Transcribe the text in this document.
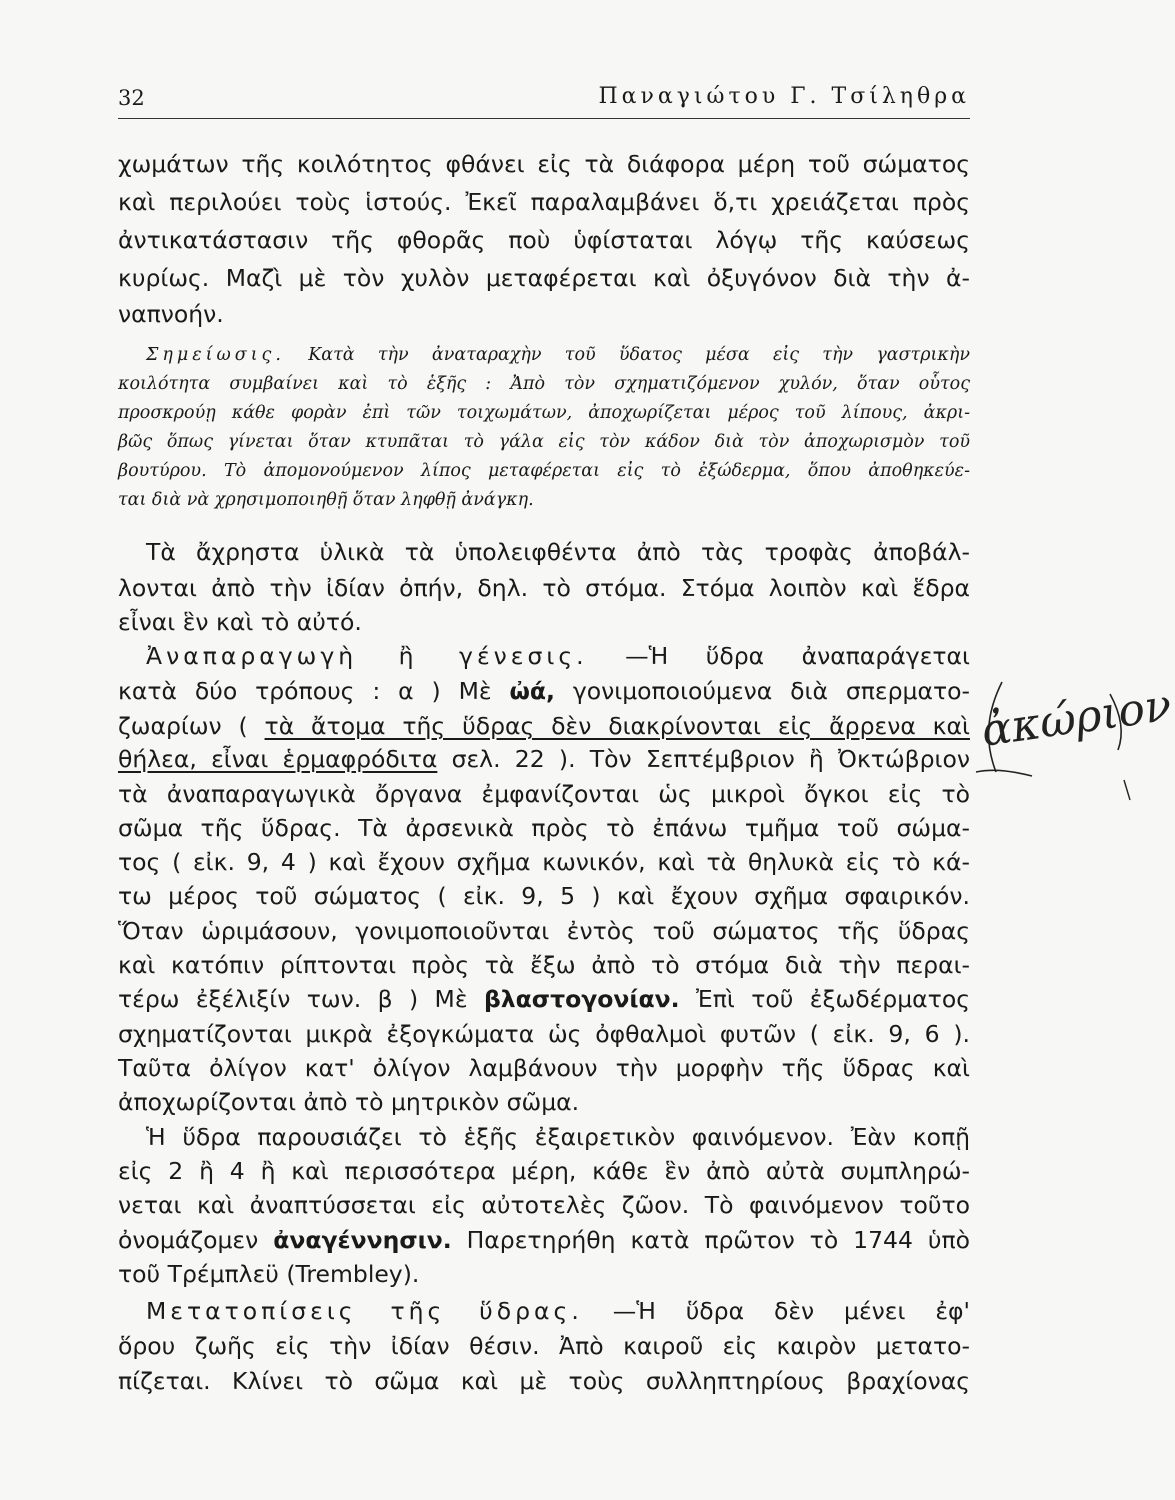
32	Παναγιώτου Γ. Τσίληθρα
χωμάτων τῆς κοιλότητος φθάνει εἰς τὰ διάφορα μέρη τοῦ σώματος
καὶ περιλούει τοὺς ἱστούς. Ἐκεῖ παραλαμβάνει ὅ,τι χρειάζεται πρὸς
ἀντικατάστασιν τῆς φθορᾶς ποὺ ὑφίσταται λόγῳ τῆς καύσεως
κυρίως. Μαζὶ μὲ τὸν χυλὸν μεταφέρεται καὶ ὀξυγόνον διὰ τὴν ἀ-
ναπνοήν.
Σημείωσις. Κατὰ τὴν ἀναταραχὴν τοῦ ὕδατος μέσα εἰς τὴν γαστρικὴν
κοιλότητα συμβαίνει καὶ τὸ ἑξῆς : Ἀπὸ τὸν σχηματιζόμενον χυλόν, ὅταν οὗτος
προσκρούῃ κάθε φορὰν ἐπὶ τῶν τοιχωμάτων, ἀποχωρίζεται μέρος τοῦ λίπους, ἀκρι-
βῶς ὅπως γίνεται ὅταν κτυπᾶται τὸ γάλα εἰς τὸν κάδον διὰ τὸν ἀποχωρισμὸν τοῦ
βουτύρου. Τὸ ἀπομονούμενον λίπος μεταφέρεται εἰς τὸ ἐξώδερμα, ὅπου ἀποθηκεύε-
ται διὰ νὰ χρησιμοποιηθῇ ὅταν ληφθῇ ἀνάγκη.
Τὰ ἄχρηστα ὑλικὰ τὰ ὑπολειφθέντα ἀπὸ τὰς τροφὰς ἀποβάλ-
λονται ἀπὸ τὴν ἰδίαν ὀπήν, δηλ. τὸ στόμα. Στόμα λοιπὸν καὶ ἕδρα
εἶναι ἓν καὶ τὸ αὐτό.
Ἀναπαραγωγὴ ἢ γένεσις. —Ἡ ὕδρα ἀναπαράγεται
κατὰ δύο τρόπους : α ) Μὲ ὠά, γονιμοποιούμενα διὰ σπερματο-
ζωαρίων ( τὰ ἄτομα τῆς ὕδρας δὲν διακρίνονται εἰς ἄρρενα καὶ
θήλεα, εἶναι ἑρμαφρόδιτα σελ. 22 ). Τὸν Σεπτέμβριον ἢ Ὀκτώβριον
τὰ ἀναπαραγωγικὰ ὄργανα ἐμφανίζονται ὡς μικροὶ ὄγκοι εἰς τὸ
σῶμα τῆς ὕδρας. Τὰ ἀρσενικὰ πρὸς τὸ ἐπάνω τμῆμα τοῦ σώμα-
τος ( εἰκ. 9, 4 ) καὶ ἔχουν σχῆμα κωνικόν, καὶ τὰ θηλυκὰ εἰς τὸ κά-
τω μέρος τοῦ σώματος ( εἰκ. 9, 5 ) καὶ ἔχουν σχῆμα σφαιρικόν.
Ὅταν ὡριμάσουν, γονιμοποιοῦνται ἐντὸς τοῦ σώματος τῆς ὕδρας
καὶ κατόπιν ρίπτονται πρὸς τὰ ἔξω ἀπὸ τὸ στόμα διὰ τὴν περαι-
τέρω ἐξέλιξίν των. β ) Μὲ βλαστογονίαν. Ἐπὶ τοῦ ἐξωδέρματος
σχηματίζονται μικρὰ ἐξογκώματα ὡς ὀφθαλμοὶ φυτῶν ( εἰκ. 9, 6 ).
Ταῦτα ὀλίγον κατ' ὀλίγον λαμβάνουν τὴν μορφὴν τῆς ὕδρας καὶ
ἀποχωρίζονται ἀπὸ τὸ μητρικὸν σῶμα.
Ἡ ὕδρα παρουσιάζει τὸ ἑξῆς ἐξαιρετικὸν φαινόμενον. Ἐὰν κοπῇ
εἰς 2 ἢ 4 ἢ καὶ περισσότερα μέρη, κάθε ἓν ἀπὸ αὐτὰ συμπληρώ-
νεται καὶ ἀναπτύσσεται εἰς αὐτοτελὲς ζῶον. Τὸ φαινόμενον τοῦτο
ὀνομάζομεν ἀναγέννησιν. Παρετηρήθη κατὰ πρῶτον τὸ 1744 ὑπὸ
τοῦ Τρέμπλεϋ (Trembley).
Μετατοπίσεις τῆς ὕδρας. —Ἡ ὕδρα δὲν μένει ἐφ'
ὅρου ζωῆς εἰς τὴν ἰδίαν θέσιν. Ἀπὸ καιροῦ εἰς καιρὸν μετατο-
πίζεται. Κλίνει τὸ σῶμα καὶ μὲ τοὺς συλληπτηρίους βραχίονας
ἀκώριον
